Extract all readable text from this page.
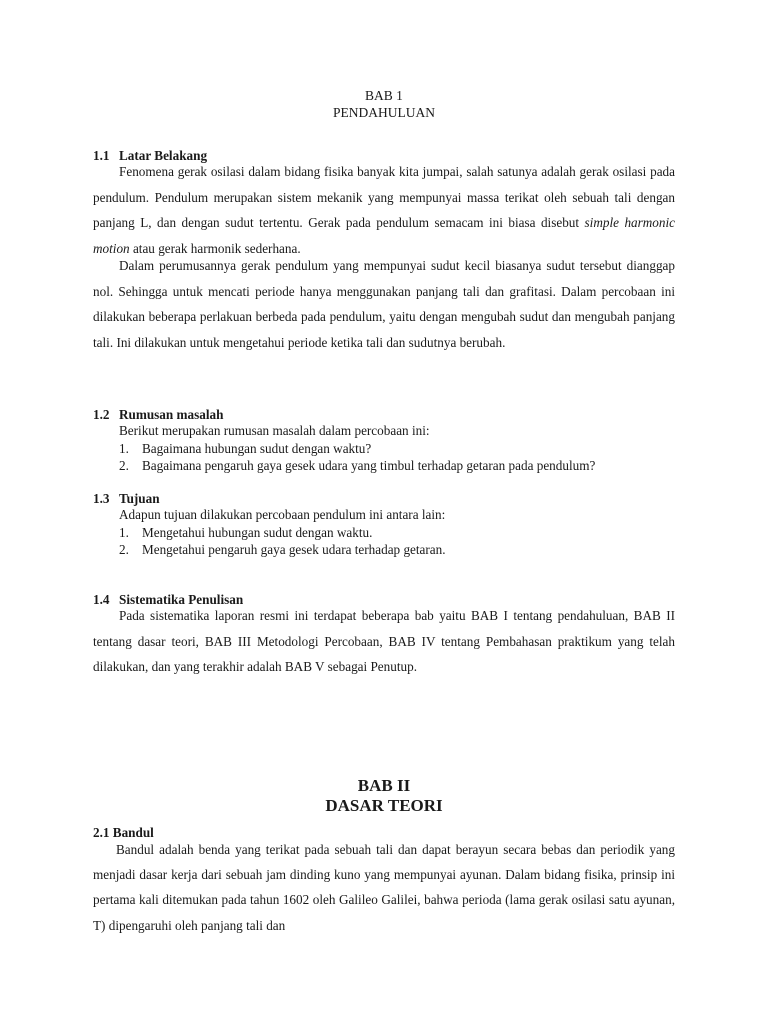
BAB 1
PENDAHULUAN
1.1 Latar Belakang

Fenomena gerak osilasi dalam bidang fisika banyak kita jumpai, salah satunya adalah gerak osilasi pada pendulum. Pendulum merupakan sistem mekanik yang mempunyai massa terikat oleh sebuah tali dengan panjang L, dan dengan sudut tertentu. Gerak pada pendulum semacam ini biasa disebut simple harmonic motion atau gerak harmonik sederhana.

Dalam perumusannya gerak pendulum yang mempunyai sudut kecil biasanya sudut tersebut dianggap nol. Sehingga untuk mencati periode hanya menggunakan panjang tali dan grafitasi. Dalam percobaan ini dilakukan beberapa perlakuan berbeda pada pendulum, yaitu dengan mengubah sudut dan mengubah panjang tali. Ini dilakukan untuk mengetahui periode ketika tali dan sudutnya berubah.

1.2 Rumusan masalah
Berikut merupakan rumusan masalah dalam percobaan ini:
1. Bagaimana hubungan sudut dengan waktu?
2. Bagaimana pengaruh gaya gesek udara yang timbul terhadap getaran pada pendulum?
1.3 Tujuan
Adapun tujuan dilakukan percobaan pendulum ini antara lain:
1. Mengetahui hubungan sudut dengan waktu.
2. Mengetahui pengaruh gaya gesek udara terhadap getaran.
1.4 Sistematika Penulisan

Pada sistematika laporan resmi ini terdapat beberapa bab yaitu BAB I tentang pendahuluan, BAB II tentang dasar teori, BAB III Metodologi Percobaan, BAB IV tentang Pembahasan praktikum yang telah dilakukan, dan yang terakhir adalah BAB V sebagai Penutup.

BAB II
DASAR TEORI
2.1 Bandul

Bandul adalah benda yang terikat pada sebuah tali dan dapat berayun secara bebas dan periodik yang menjadi dasar kerja dari sebuah jam dinding kuno yang mempunyai ayunan. Dalam bidang fisika, prinsip ini pertama kali ditemukan pada tahun 1602 oleh Galileo Galilei, bahwa perioda (lama gerak osilasi satu ayunan, T) dipengaruhi oleh panjang tali dan
